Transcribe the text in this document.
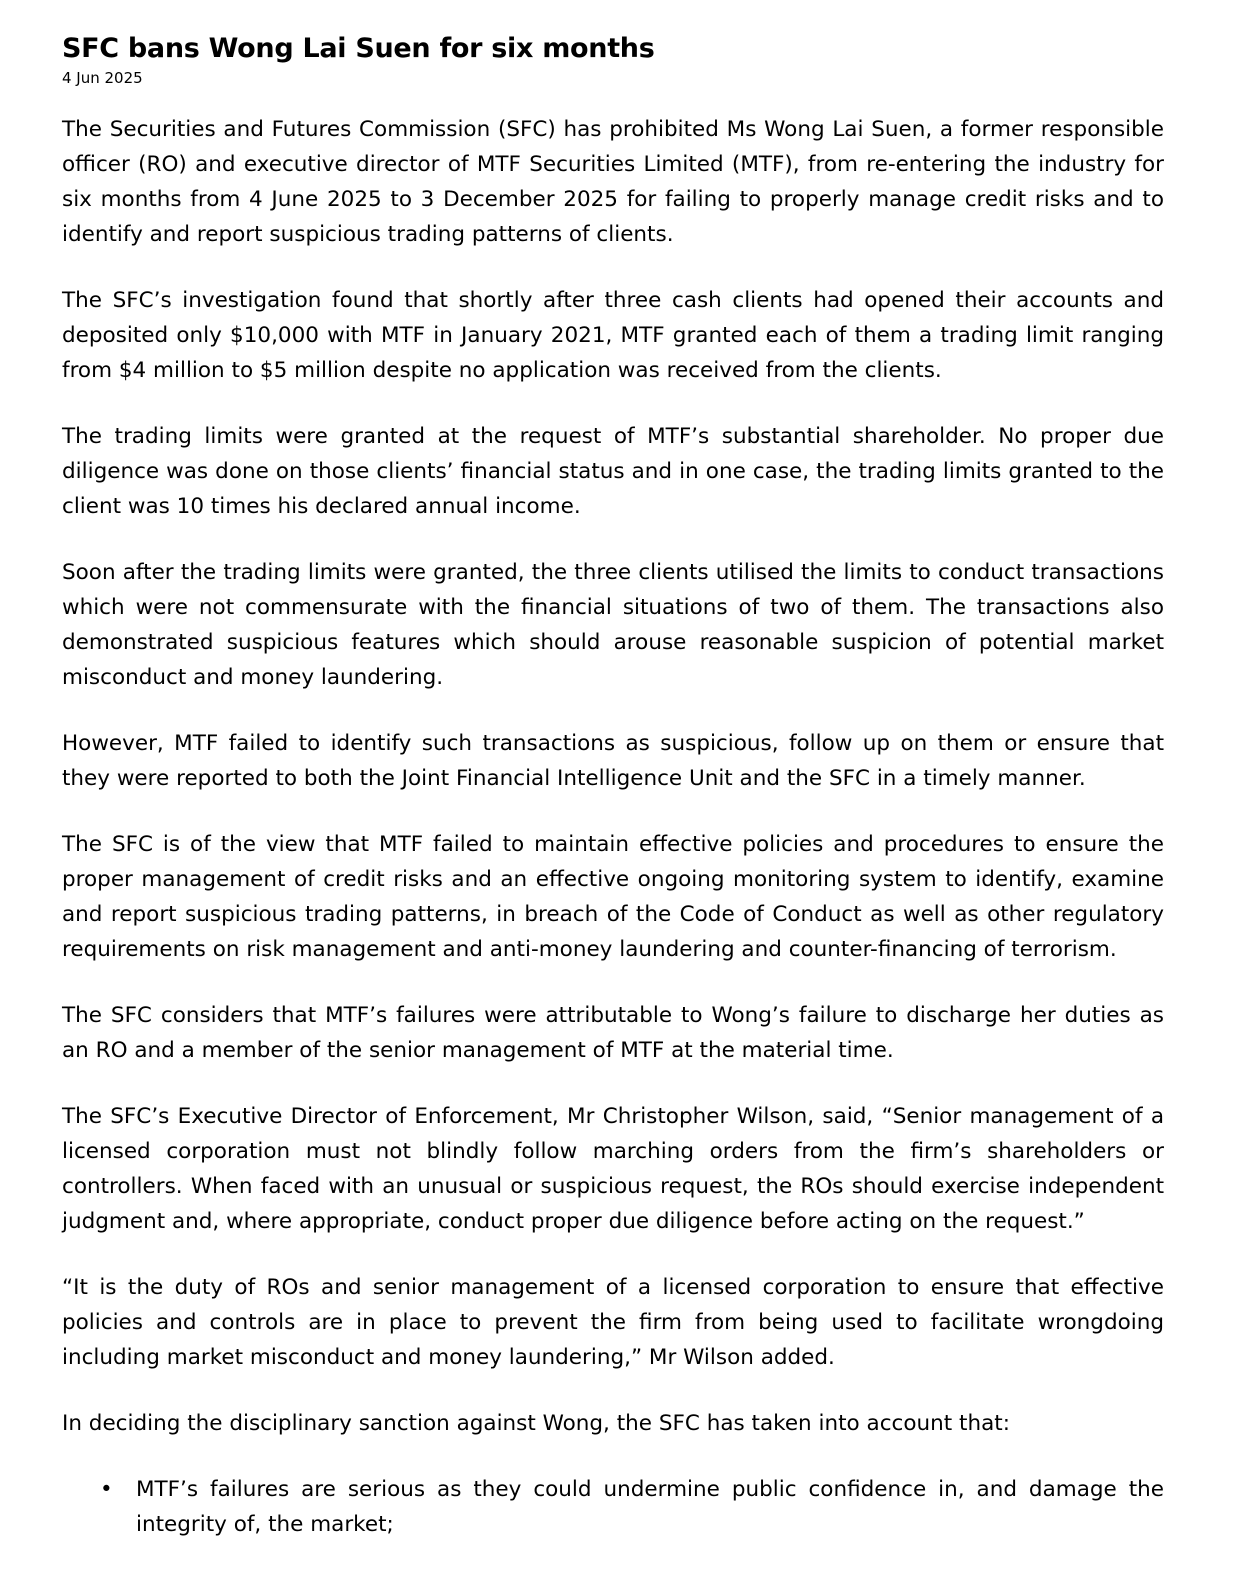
SFC bans Wong Lai Suen for six months
4 Jun 2025

The Securities and Futures Commission (SFC) has prohibited Ms Wong Lai Suen, a former responsible officer (RO) and executive director of MTF Securities Limited (MTF), from re-entering the industry for six months from 4 June 2025 to 3 December 2025 for failing to properly manage credit risks and to identify and report suspicious trading patterns of clients.

The SFC’s investigation found that shortly after three cash clients had opened their accounts and deposited only $10,000 with MTF in January 2021, MTF granted each of them a trading limit ranging from $4 million to $5 million despite no application was received from the clients.

The trading limits were granted at the request of MTF’s substantial shareholder. No proper due diligence was done on those clients’ financial status and in one case, the trading limits granted to the client was 10 times his declared annual income.

Soon after the trading limits were granted, the three clients utilised the limits to conduct transactions which were not commensurate with the financial situations of two of them. The transactions also demonstrated suspicious features which should arouse reasonable suspicion of potential market misconduct and money laundering.

However, MTF failed to identify such transactions as suspicious, follow up on them or ensure that they were reported to both the Joint Financial Intelligence Unit and the SFC in a timely manner.

The SFC is of the view that MTF failed to maintain effective policies and procedures to ensure the proper management of credit risks and an effective ongoing monitoring system to identify, examine and report suspicious trading patterns, in breach of the Code of Conduct as well as other regulatory requirements on risk management and anti-money laundering and counter-financing of terrorism.

The SFC considers that MTF’s failures were attributable to Wong’s failure to discharge her duties as an RO and a member of the senior management of MTF at the material time.

The SFC’s Executive Director of Enforcement, Mr Christopher Wilson, said, “Senior management of a licensed corporation must not blindly follow marching orders from the firm’s shareholders or controllers. When faced with an unusual or suspicious request, the ROs should exercise independent judgment and, where appropriate, conduct proper due diligence before acting on the request.”

“It is the duty of ROs and senior management of a licensed corporation to ensure that effective policies and controls are in place to prevent the firm from being used to facilitate wrongdoing including market misconduct and money laundering,” Mr Wilson added.

In deciding the disciplinary sanction against Wong, the SFC has taken into account that:

• MTF’s failures are serious as they could undermine public confidence in, and damage the integrity of, the market;
